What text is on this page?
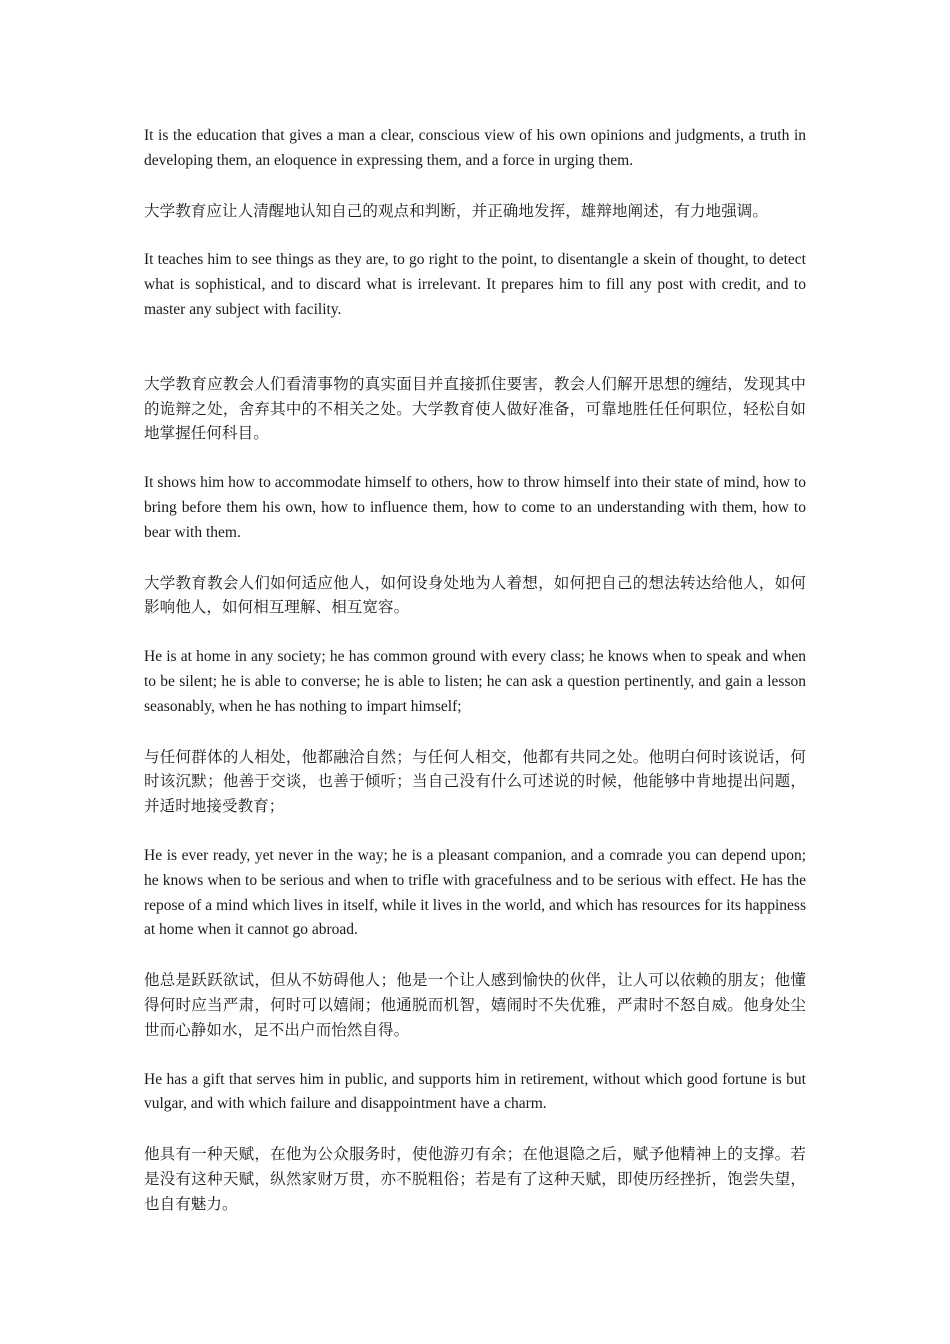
It is the education that gives a man a clear, conscious view of his own opinions and judgments, a truth in developing them, an eloquence in expressing them, and a force in urging them.

大学教育应让人清醒地认知自己的观点和判断，并正确地发挥，雄辩地阐述，有力地强调。

It teaches him to see things as they are, to go right to the point, to disentangle a skein of thought, to detect what is sophistical, and to discard what is irrelevant. It prepares him to fill any post with credit, and to master any subject with facility.

大学教育应教会人们看清事物的真实面目并直接抓住要害，教会人们解开思想的缠结，发现其中的诡辩之处，舍弃其中的不相关之处。大学教育使人做好准备，可靠地胜任任何职位，轻松自如地掌握任何科目。

It shows him how to accommodate himself to others, how to throw himself into their state of mind, how to bring before them his own, how to influence them, how to come to an understanding with them, how to bear with them.

大学教育教会人们如何适应他人，如何设身处地为人着想，如何把自己的想法转达给他人，如何影响他人，如何相互理解、相互宽容。

He is at home in any society; he has common ground with every class; he knows when to speak and when to be silent; he is able to converse; he is able to listen; he can ask a question pertinently, and gain a lesson seasonably, when he has nothing to impart himself;

与任何群体的人相处，他都融洽自然；与任何人相交，他都有共同之处。他明白何时该说话，何时该沉默；他善于交谈，也善于倾听；当自己没有什么可述说的时候，他能够中肯地提出问题，并适时地接受教育；

He is ever ready, yet never in the way; he is a pleasant companion, and a comrade you can depend upon; he knows when to be serious and when to trifle with gracefulness and to be serious with effect. He has the repose of a mind which lives in itself, while it lives in the world, and which has resources for its happiness at home when it cannot go abroad.

他总是跃跃欲试，但从不妨碍他人；他是一个让人感到愉快的伙伴，让人可以依赖的朋友；他懂得何时应当严肃，何时可以嬉闹；他通脱而机智，嬉闹时不失优雅，严肃时不怒自威。他身处尘世而心静如水，足不出户而怡然自得。

He has a gift that serves him in public, and supports him in retirement, without which good fortune is but vulgar, and with which failure and disappointment have a charm.

他具有一种天赋，在他为公众服务时，使他游刃有余；在他退隐之后，赋予他精神上的支撑。若是没有这种天赋，纵然家财万贯，亦不脱粗俗；若是有了这种天赋，即使历经挫折，饱尝失望，也自有魅力。
